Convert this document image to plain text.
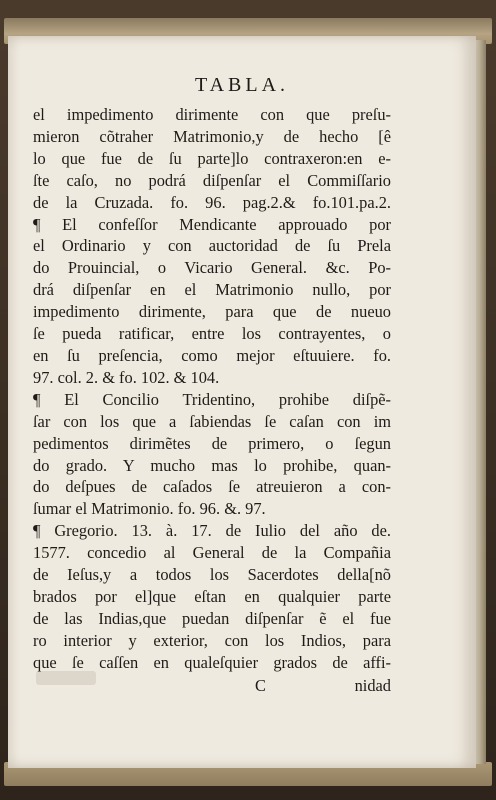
TABLA.
el impedimento dirimente con que preſu-
mieron cõtraher Matrimonio,y de hecho [ê
lo que fue de ſu parte]lo contraxeron:en e-
ſte caſo, no podrá diſpenſar el Commiſſario
de la Cruzada. fo. 96. pag.2.& fo.101.pa.2.
¶ El confeſſor Mendicante approuado por
el Ordinario y con auctoridad de ſu Prela
do Prouincial, o Vicario General. &c. Po-
drá diſpenſar en el Matrimonio nullo, por
impedimento dirimente, para que de nueuo
ſe pueda ratificar, entre los contrayentes, o
en ſu preſencia, como mejor eſtuuiere. fo.
97. col. 2. & fo. 102. & 104.
¶ El Concilio Tridentino, prohibe diſpẽ-
ſar con los que a ſabiendas ſe caſan con im
pedimentos dirimẽtes de primero, o ſegun
do grado. Y mucho mas lo prohibe, quan-
do deſpues de caſados ſe atreuieron a con-
ſumar el Matrimonio. fo. 96. &. 97.
¶ Gregorio. 13. à. 17. de Iulio del año de.
1577. concedio al General de la Compañia
de Ieſus,y a todos los Sacerdotes della[nõ
brados por el]que eſtan en qualquier parte
de las Indias,que puedan diſpenſar ẽ el fue
ro interior y exterior, con los Indios, para
que ſe caſſen en qualeſquier grados de affi-
C	nidad
